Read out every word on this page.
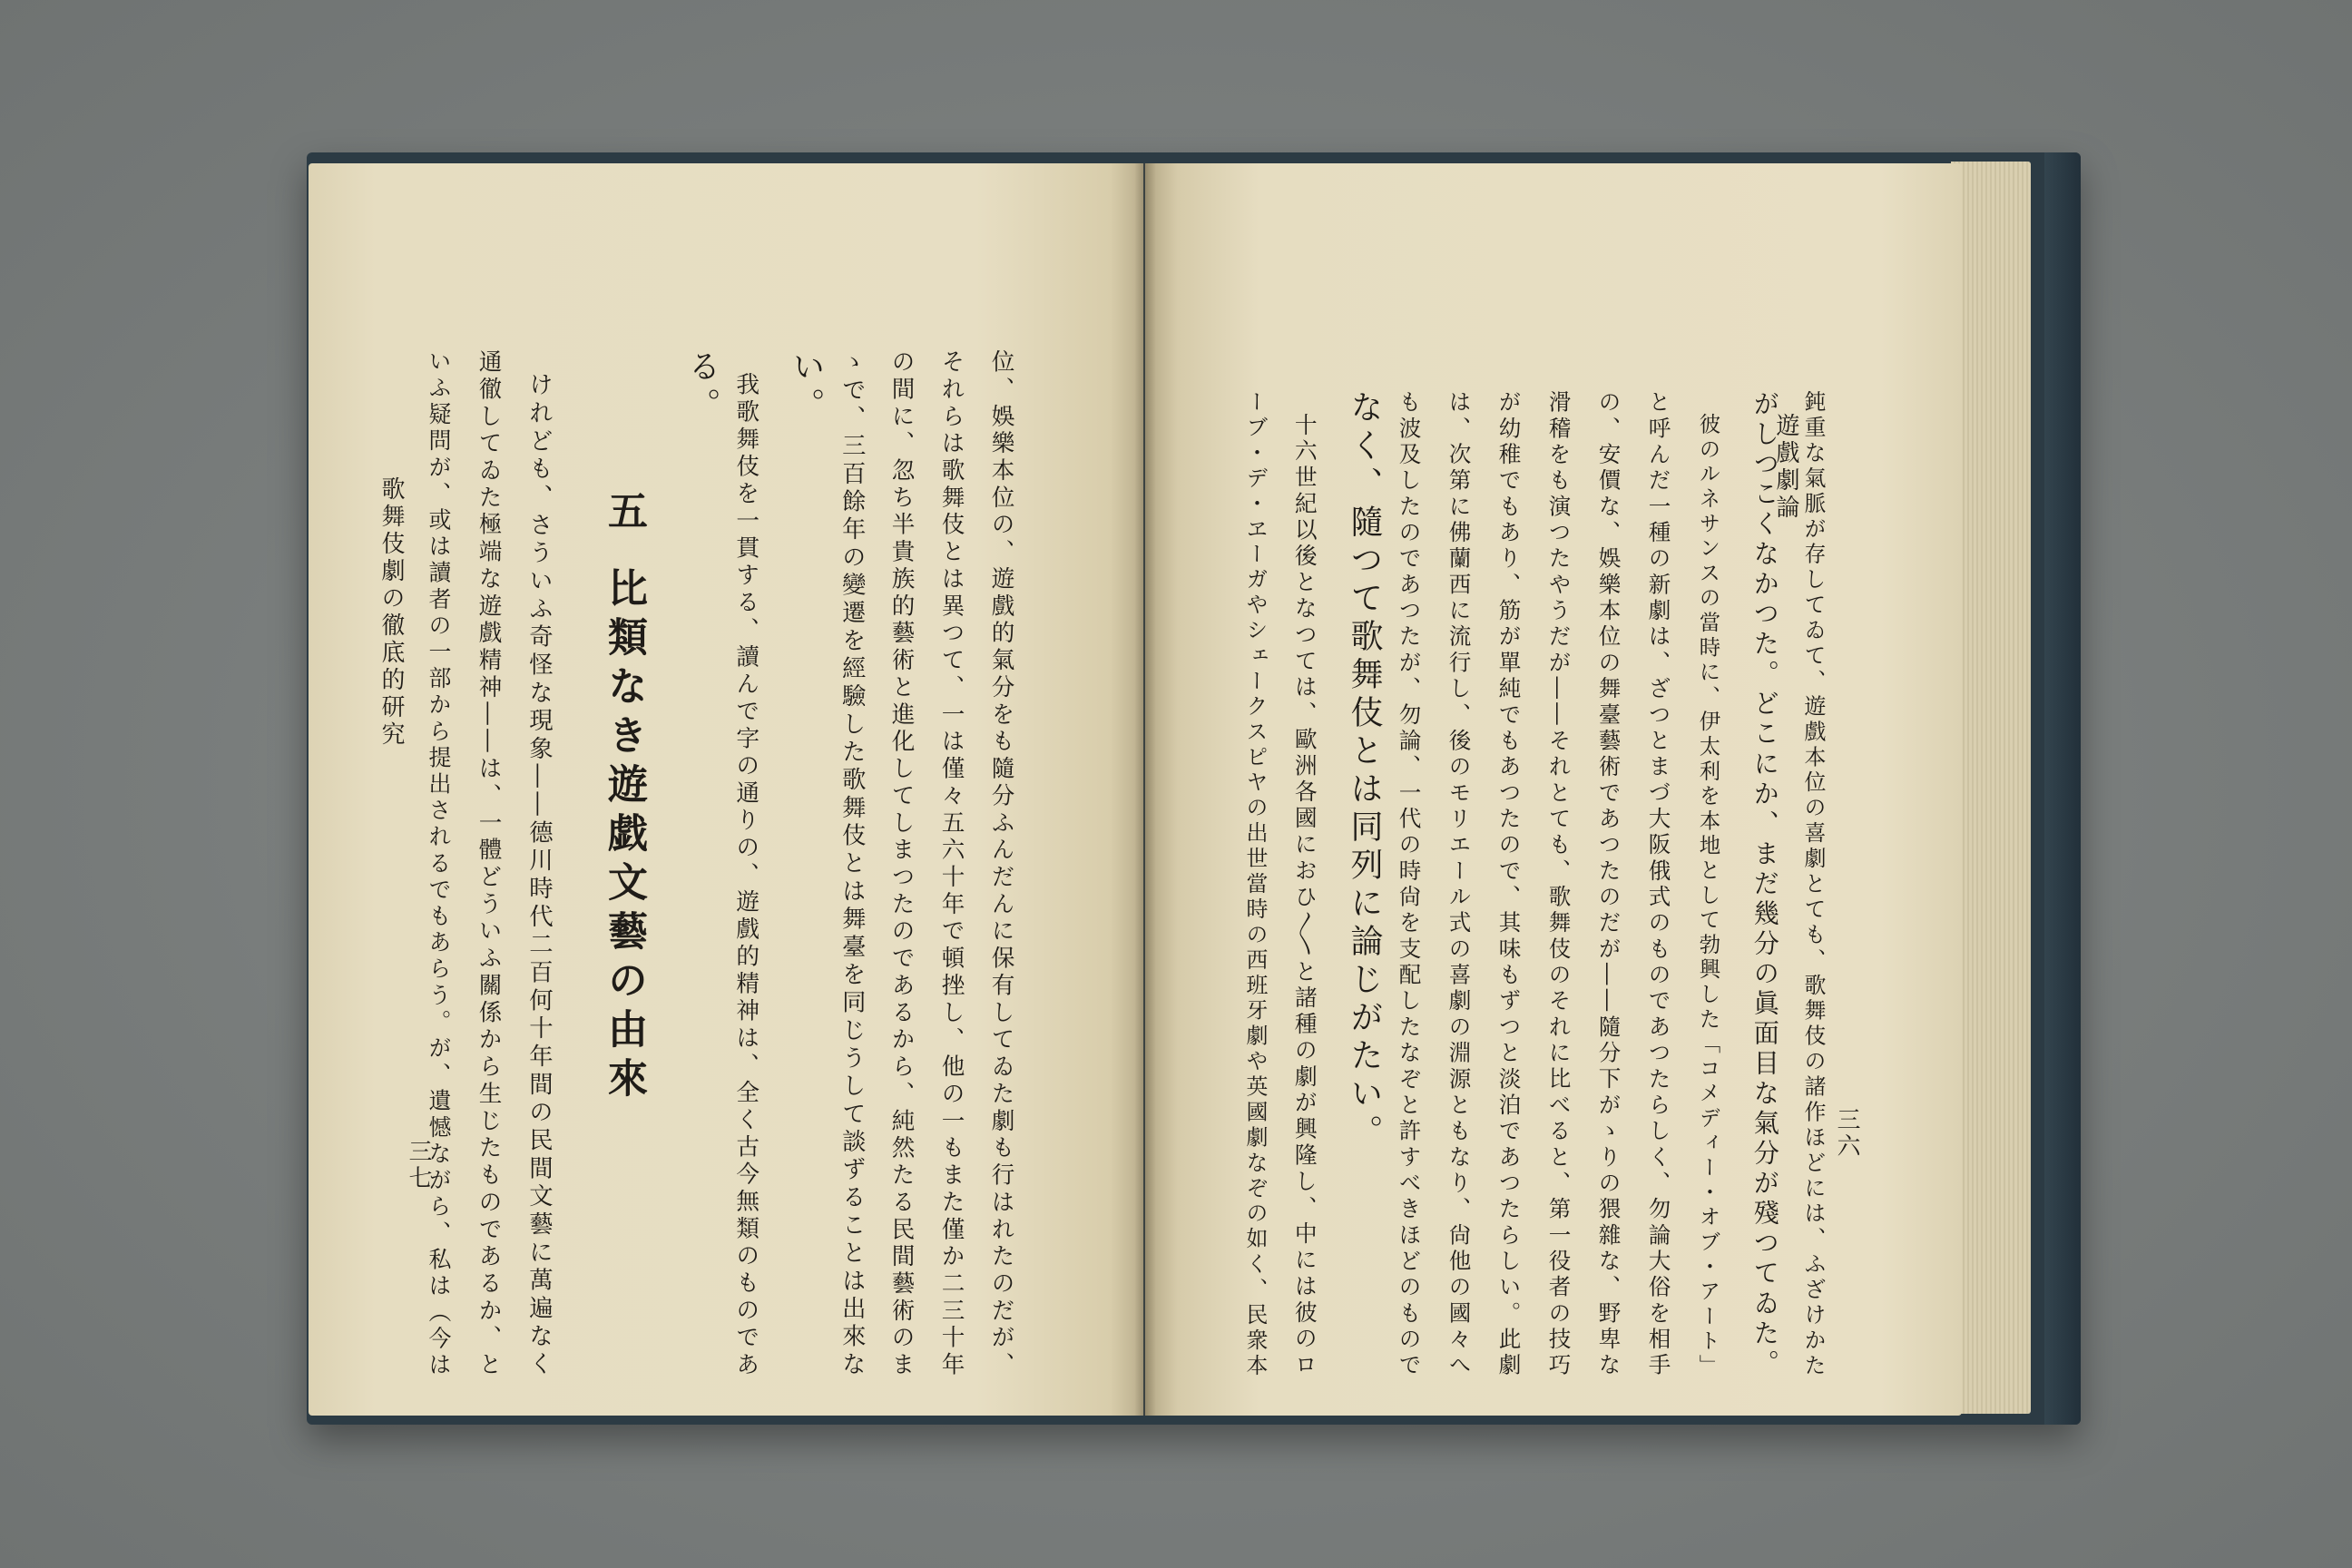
位、娛樂本位の、遊戲的氣分をも隨分ふんだんに保有してゐた劇も行はれたのだが、
それらは歌舞伎とは異つて、一は僅々五六十年で頓挫し、他の一もまた僅か二三十年
の間に、忽ち半貴族的藝術と進化してしまつたのであるから、純然たる民間藝術のま
ゝで、三百餘年の變遷を經驗した歌舞伎とは舞臺を同じうして談ずることは出來な
い。
我歌舞伎を一貫する、讀んで字の通りの、遊戲的精神は、全く古今無類のものであ
る。
五
比類なき遊戯文藝の由來
けれども、さういふ奇怪な現象――德川時代二百何十年間の民間文藝に萬遍なく
通徹してゐた極端な遊戲精神――は、一體どういふ關係から生じたものであるか、と
いふ疑問が、或は讀者の一部から提出されるでもあらう。が、遺憾ながら、私は（今は
歌舞伎劇の徹底的研究
三七
遊戲劇論
三六
鈍重な氣脈が存してゐて、遊戲本位の喜劇とても、歌舞伎の諸作ほどには、ふざけかた
がしつこくなかつた。どこにか、まだ幾分の眞面目な氣分が殘つてゐた。
彼のルネサンスの當時に、伊太利を本地として勃興した「コメディー・オブ・アート」
と呼んだ一種の新劇は、ざつとまづ大阪俄式のものであつたらしく、勿論大俗を相手
の、安價な、娛樂本位の舞臺藝術であつたのだが――隨分下がゝりの猥雜な、野卑な
滑稽をも演つたやうだが――それとても、歌舞伎のそれに比べると、第一役者の技巧
が幼稚でもあり、筋が單純でもあつたので、其味もずつと淡泊であつたらしい。此劇
は、次第に佛蘭西に流行し、後のモリエール式の喜劇の淵源ともなり、尙他の國々へ
も波及したのであつたが、勿論、一代の時尙を支配したなぞと許すべきほどのもので
なく、隨つて歌舞伎とは同列に論じがたい。
十六世紀以後となつては、歐洲各國におひ〳〵と諸種の劇が興隆し、中には彼のロ
ーブ・デ・ヱーガやシェークスピヤの出世當時の西班牙劇や英國劇なぞの如く、民衆本
